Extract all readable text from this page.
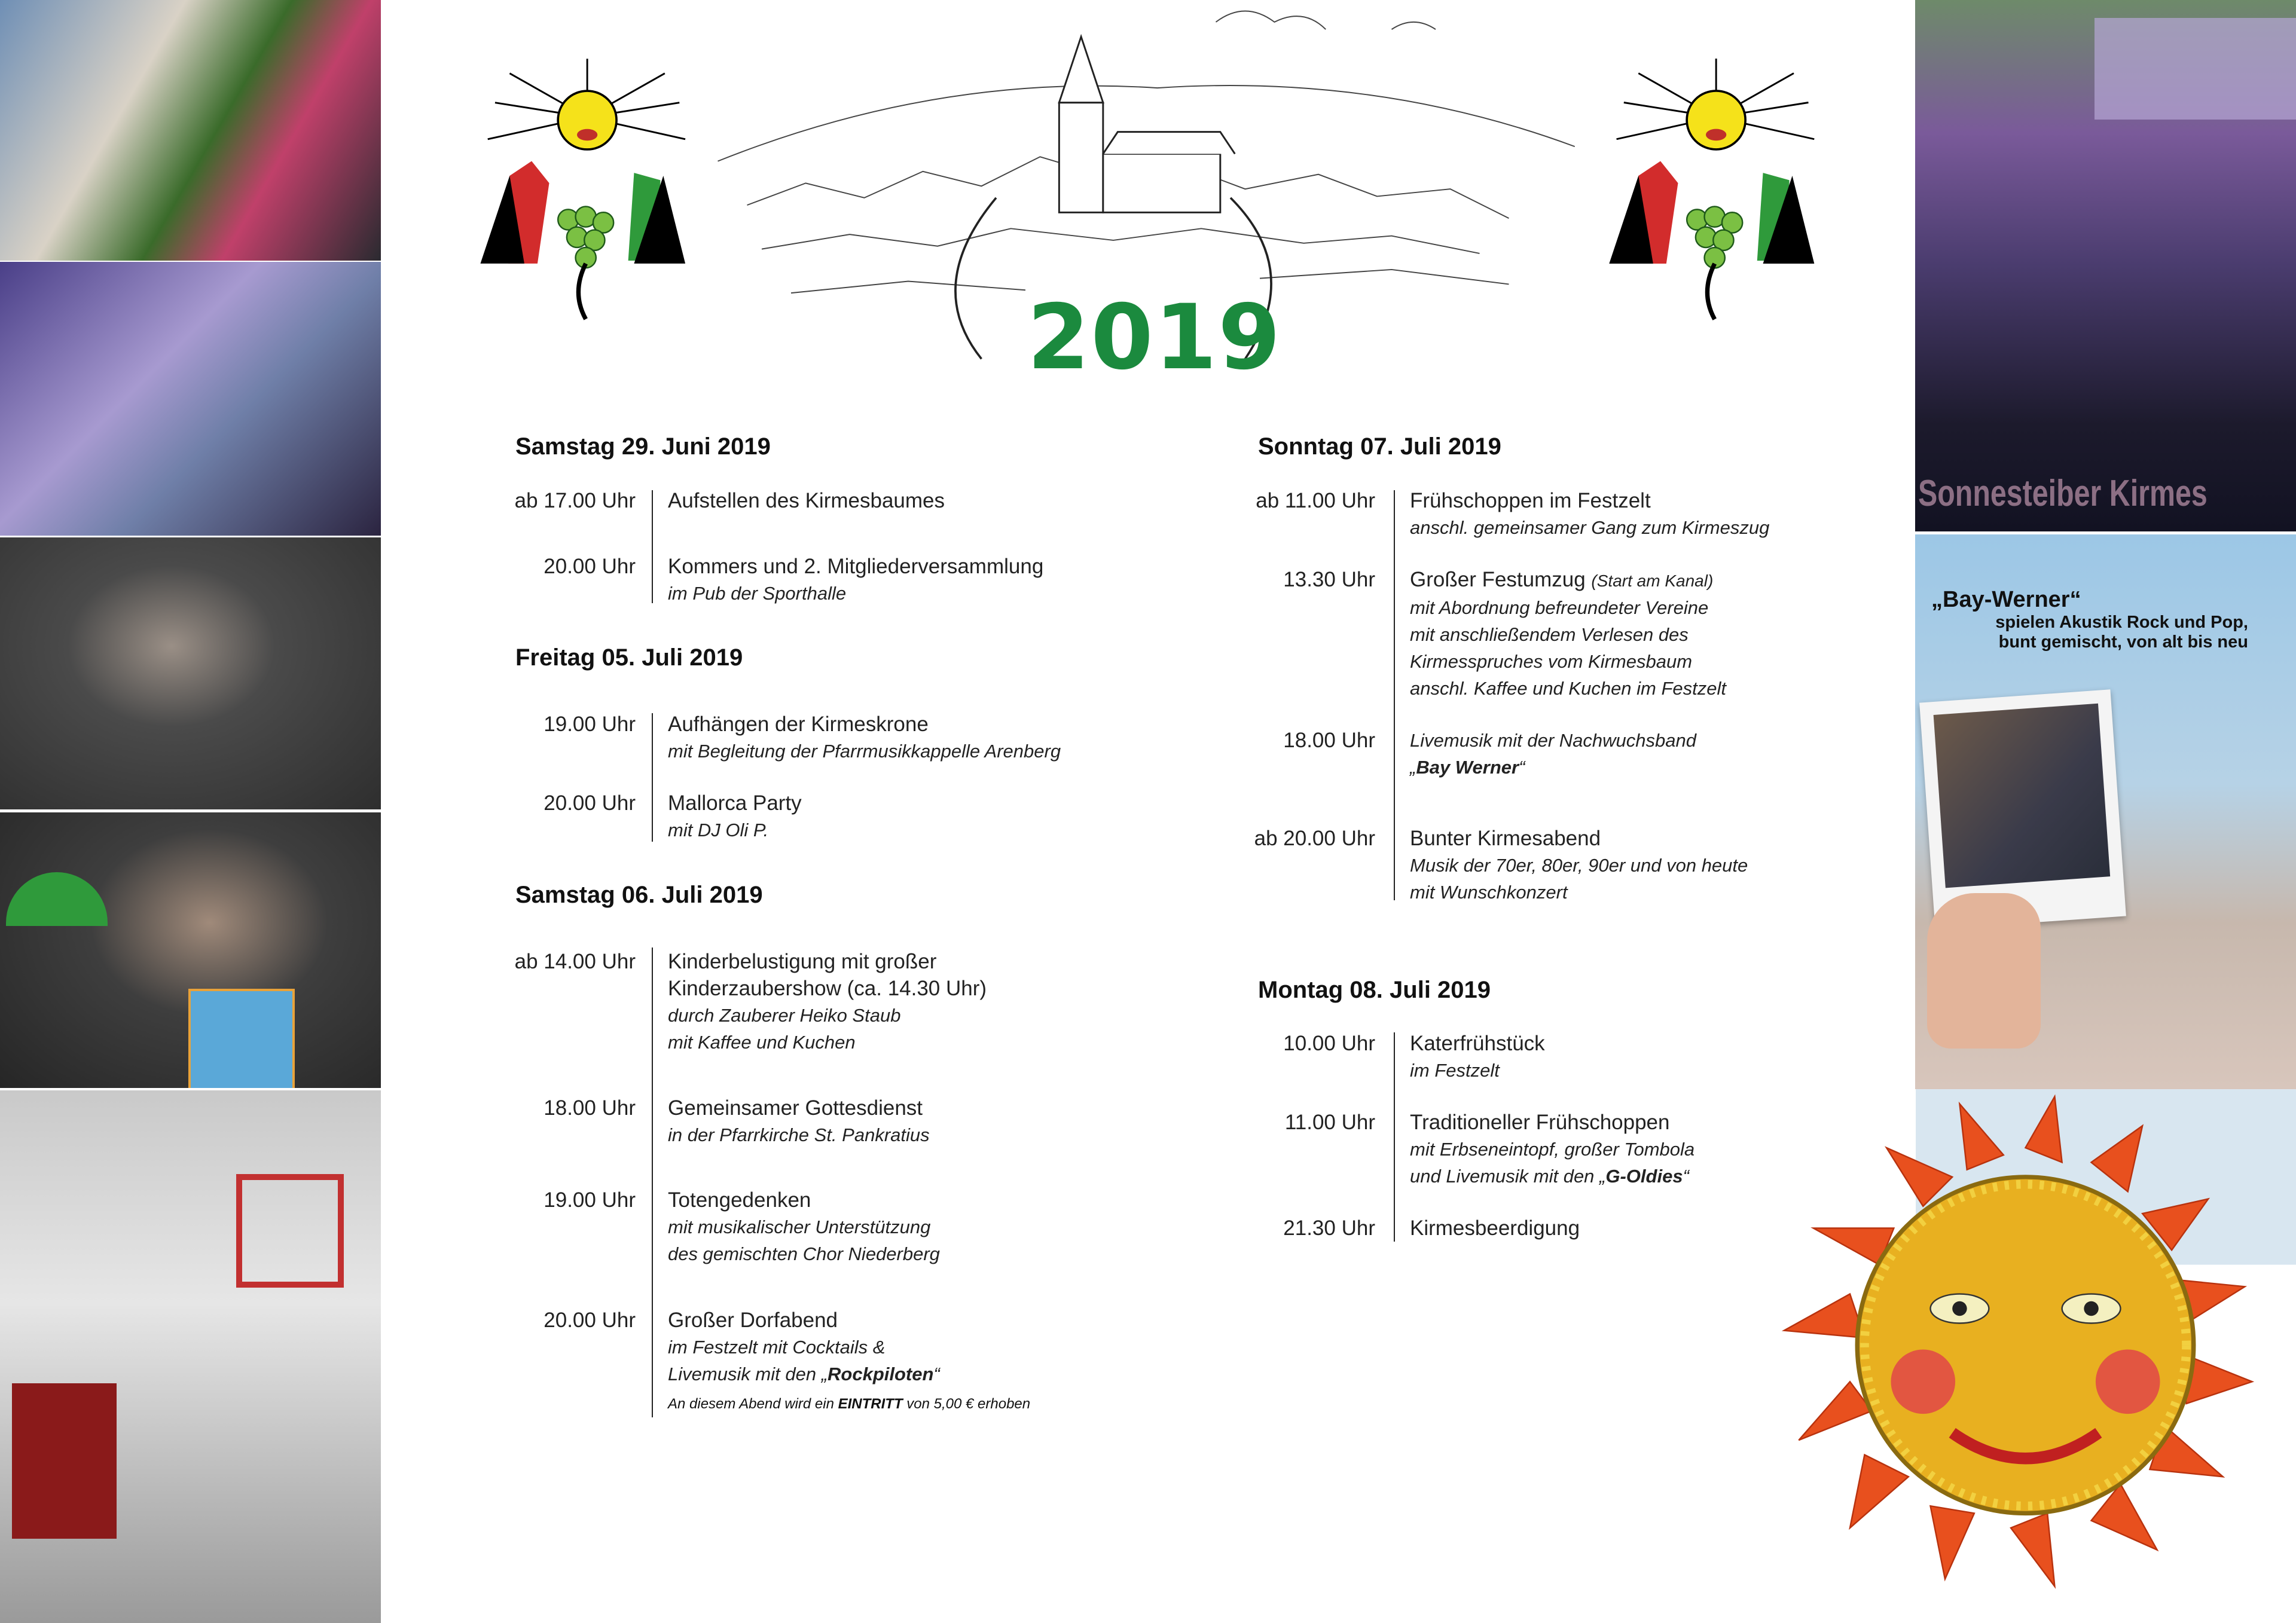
2019
Samstag 29. Juni 2019
ab 17.00 Uhr Aufstellen des Kirmesbaumes
20.00 Uhr Kommers und 2. Mitgliederversammlung
im Pub der Sporthalle
Freitag 05. Juli 2019
19.00 Uhr Aufhängen der Kirmeskrone
mit Begleitung der Pfarrmusikkappelle Arenberg
20.00 Uhr Mallorca Party
mit DJ Oli P.
Samstag 06. Juli 2019
ab 14.00 Uhr Kinderbelustigung mit großer
Kinderzaubershow (ca. 14.30 Uhr)
durch Zauberer Heiko Staub
mit Kaffee und Kuchen
18.00 Uhr Gemeinsamer Gottesdienst
in der Pfarrkirche St. Pankratius
19.00 Uhr Totengedenken
mit musikalischer Unterstützung
des gemischten Chor Niederberg
20.00 Uhr Großer Dorfabend
im Festzelt mit Cocktails &
Livemusik mit den „Rockpiloten“
An diesem Abend wird ein EINTRITT von 5,00 € erhoben
Sonntag 07. Juli 2019
ab 11.00 Uhr Frühschoppen im Festzelt
anschl. gemeinsamer Gang zum Kirmeszug
13.30 Uhr Großer Festumzug (Start am Kanal)
mit Abordnung befreundeter Vereine
mit anschließendem Verlesen des
Kirmesspruches vom Kirmesbaum
anschl. Kaffee und Kuchen im Festzelt
18.00 Uhr Livemusik mit der Nachwuchsband
„Bay Werner“
ab 20.00 Uhr Bunter Kirmesabend
Musik der 70er, 80er, 90er und von heute
mit Wunschkonzert
Montag 08. Juli 2019
10.00 Uhr Katerfrühstück
im Festzelt
11.00 Uhr Traditioneller Frühschoppen
mit Erbseneintopf, großer Tombola
und Livemusik mit den „G-Oldies“
21.30 Uhr Kirmesbeerdigung
Sonnesteiber Kirmes
„Bay-Werner“
spielen Akustik Rock und Pop,
bunt gemischt, von alt bis neu
